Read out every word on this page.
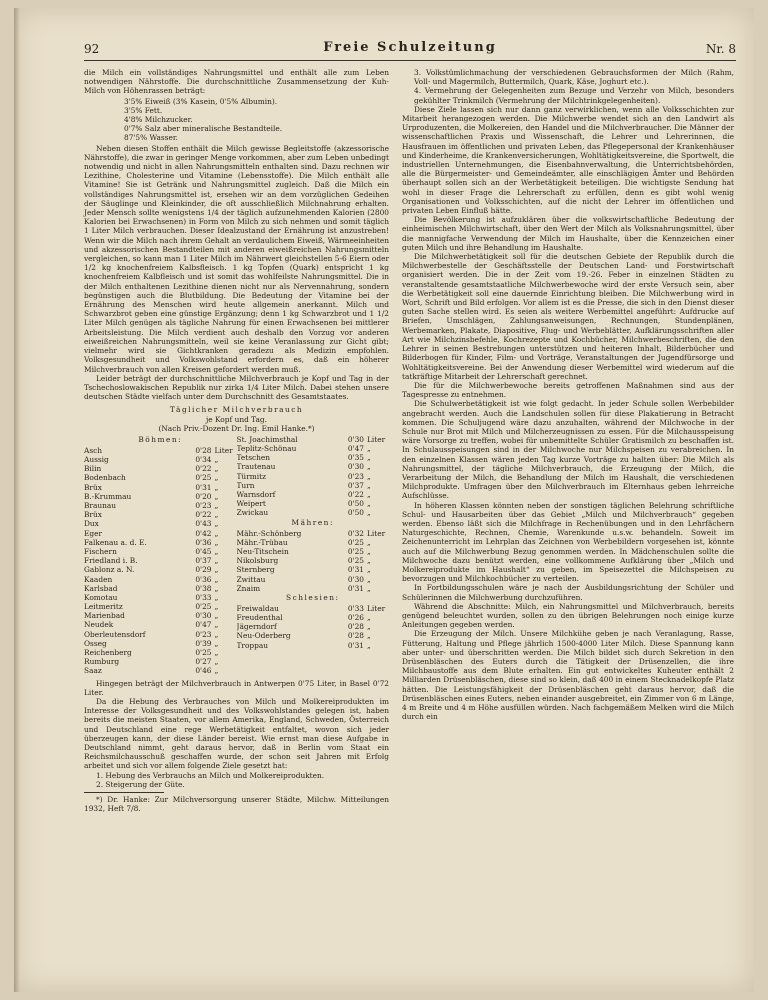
92	Freie Schulzeitung	Nr. 8

die Milch ein vollständiges Nahrungsmittel und enthält alle zum Leben notwendigen Nährstoffe. Die durchschnittliche Zusammensetzung der Kuh-Milch von Höhenrassen beträgt:

3'5% Eiweiß (3% Kasein, 0'5% Albumin).
3'5% Fett.
4'8% Milchzucker.
0'7% Salz aber mineralische Bestandteile.
87'5% Wasser.

Neben diesen Stoffen enthält die Milch gewisse Begleitstoffe (akzessorische Nährstoffe), die zwar in geringer Menge vorkommen, aber zum Leben unbedingt notwendig und nicht in allen Nahrungsmitteln enthalten sind. Dazu rechnen wir Lezithine, Cholesterine und Vitamine (Lebensstoffe). Die Milch enthält alle Vitamine! Sie ist Getränk und Nahrungsmittel zugleich. Daß die Milch ein vollständiges Nahrungsmittel ist, ersehen wir an dem vorzüglichen Gedeihen der Säuglinge und Kleinkinder, die oft ausschließlich Milchnahrung erhalten. Jeder Mensch sollte wenigstens 1/4 der täglich aufzunehmenden Kalorien (2800 Kalorien bei Erwachsenen) in Form von Milch zu sich nehmen und somit täglich 1 Liter Milch verbrauchen. Dieser Idealzustand der Ernährung ist anzustreben! Wenn wir die Milch nach ihrem Gehalt an verdaulichem Eiweiß, Wärmeeinheiten und akzessorischen Bestandteilen mit anderen eiweißreichen Nahrungsmitteln vergleichen, so kann man 1 Liter Milch im Nährwert gleichstellen 5-6 Eiern oder 1/2 kg knochenfreiem Kalbsfleisch. 1 kg Topfen (Quark) entspricht 1 kg knochenfreiem Kalbfleisch und ist somit das wohlfeilste Nahrungsmittel. Die in der Milch enthaltenen Lezithine dienen nicht nur als Nervennahrung, sondern begünstigen auch die Blutbildung. Die Bedeutung der Vitamine bei der Ernährung des Menschen wird heute allgemein anerkannt. Milch und Schwarzbrot geben eine günstige Ergänzung; denn 1 kg Schwarzbrot und 1 1/2 Liter Milch genügen als tägliche Nahrung für einen Erwachsenen bei mittlerer Arbeitsleistung. Die Milch verdient auch deshalb den Vorzug vor anderen eiweißreichen Nahrungsmitteln, weil sie keine Veranlassung zur Gicht gibt; vielmehr wird sie Gichtkranken geradezu als Medizin empfohlen. Volksgesundheit und Volkswohlstand erfordern es, daß ein höherer Milchverbrauch von allen Kreisen gefordert werden muß.

Leider beträgt der durchschnittliche Milchverbrauch je Kopf und Tag in der Tschechoslowakischen Republik nur zirka 1/4 Liter Milch. Dabei stehen unsere deutschen Städte vielfach unter dem Durchschnitt des Gesamtstaates.

Täglicher Milchverbrauch

je Kopf und Tag.

(Nach Priv.-Dozent Dr. Ing. Emil Hanke.*)

Böhmen:
Asch	0'28 Liter
Aussig	0'34 „
Bilin	0'22 „
Bodenbach	0'25 „
Brüx	0'31 „
B.-Krummau	0'20 „
Braunau	0'23 „
Brüx	0'22 „
Dux	0'43 „
Eger	0'42 „
Falkenau a. d. E.	0'36 „
Fischern	0'45 „
Friedland i. B.	0'37 „
Gablonz a. N.	0'29 „
Kaaden	0'36 „
Karlsbad	0'38 „
Komotau	0'33 „
Leitmeritz	0'25 „
Marienbad	0'30 „
Neudek	0'47 „
Oberleutensdorf	0'23 „
Osseg	0'39 „
Reichenberg	0'25 „
Rumburg	0'27 „
Saaz	0'46 „
St. Joachimsthal	0'30 Liter
Teplitz-Schönau	0'47 „
Tetschen	0'35 „
Trautenau	0'30 „
Türmitz	0'23 „
Turn	0'37 „
Warnsdorf	0'22 „
Weipert	0'50 „
Zwickau	0'50 „
Mähren:
Mähr.-Schönberg	0'32 Liter
Mähr.-Trübau	0'25 „
Neu-Titschein	0'25 „
Nikolsburg	0'25 „
Sternberg	0'31 „
Zwittau	0'30 „
Znaim	0'31 „
Schlesien:
Freiwaldau	0'33 Liter
Freudenthal	0'26 „
Jägerndorf	0'28 „
Neu-Oderberg	0'28 „
Troppau	0'31 „

Hingegen beträgt der Milchverbrauch in Antwerpen 0'75 Liter, in Basel 0'72 Liter.

Da die Hebung des Verbrauches von Milch und Molkereiprodukten im Interesse der Volksgesundheit und des Volkswohlstandes gelegen ist, haben bereits die meisten Staaten, vor allem Amerika, England, Schweden, Österreich und Deutschland eine rege Werbetätigkeit entfaltet, wovon sich jeder überzeugen kann, der diese Länder bereist. Wie ernst man diese Aufgabe in Deutschland nimmt, geht daraus hervor, daß in Berlin vom Staat ein Reichsmilchausschuß geschaffen wurde, der schon seit Jahren mit Erfolg arbeitet und sich vor allem folgende Ziele gesetzt hat:

1. Hebung des Verbrauchs an Milch und Molkereiprodukten.
2. Steigerung der Güte.

*) Dr. Hanke: Zur Milchversorgung unserer Städte, Milchw. Mitteilungen 1932, Heft 7/8.

3. Volkstümlichmachung der verschiedenen Gebrauchsformen der Milch (Rahm, Voll- und Magermilch, Buttermilch, Quark, Käse, Joghurt etc.).
4. Vermehrung der Gelegenheiten zum Bezuge und Verzehr von Milch, besonders gekühlter Trinkmilch (Vermehrung der Milchtrinkgelegenheiten).

Diese Ziele lassen sich nur dann ganz verwirklichen, wenn alle Volksschichten zur Mitarbeit herangezogen werden. Die Milchwerbe wendet sich an den Landwirt als Urproduzenten, die Molkereien, den Handel und die Milchverbraucher. Die Männer der wissenschaftlichen Praxis und Wissenschaft, die Lehrer und Lehrerinnen, die Hausfrauen im öffentlichen und privaten Leben, das Pflegepersonal der Krankenhäuser und Kinderheime, die Krankenversicherungen, Wohltätigkeitsvereine, die Sportwelt, die industriellen Unternehmungen, die Eisenbahnverwaltung, die Unterrichtsbehörden, alle die Bürgermeister- und Gemeindeämter, alle einschlägigen Ämter und Behörden überhaupt sollen sich an der Werbetätigkeit beteiligen. Die wichtigste Sendung hat wohl in dieser Frage die Lehrerschaft zu erfüllen, denn es gibt wohl wenig Organisationen und Volksschichten, auf die nicht der Lehrer im öffentlichen und privaten Leben Einfluß hätte.

Die Bevölkerung ist aufzuklären über die volkswirtschaftliche Bedeutung der einheimischen Milchwirtschaft, über den Wert der Milch als Volksnahrungsmittel, über die mannigfache Verwendung der Milch im Haushalte, über die Kennzeichen einer guten Milch und ihre Behandlung im Haushalte.

Die Milchwerbetätigkeit soll für die deutschen Gebiete der Republik durch die Milchwerbestelle der Geschäftsstelle der Deutschen Land- und Forstwirtschaft organisiert werden. Die in der Zeit vom 19.-26. Feber in einzelnen Städten zu veranstaltende gesamtstaatliche Milchwerbewoche wird der erste Versuch sein, aber die Werbetätigkeit soll eine dauernde Einrichtung bleiben. Die Milchwerbung wird in Wort, Schrift und Bild erfolgen. Vor allem ist es die Presse, die sich in den Dienst dieser guten Sache stellen wird. Es seien als weitere Werbemittel angeführt: Aufdrucke auf Briefen, Umschlägen, Zahlungsanweisungen, Rechnungen, Stundenplänen, Werbemarken, Plakate, Diapositive, Flug- und Werbeblätter, Aufklärungsschriften aller Art wie Milchzinsbefehle, Kochrezepte und Kochbücher, Milchwerbeschriften, die den Lehrer in seinen Bestrebungen unterstützen und heiteren Inhalt, Bilderbücher und Bilderbogen für Kinder, Film- und Vorträge, Veranstaltungen der Jugendfürsorge und Wohltätigkeitsvereine. Bei der Anwendung dieser Werbemittel wird wiederum auf die tatkräftige Mitarbeit der Lehrerschaft gerechnet.

Die für die Milchwerbewoche bereits getroffenen Maßnahmen sind aus der Tagespresse zu entnehmen.

Die Schulwerbetätigkeit ist wie folgt gedacht. In jeder Schule sollen Werbebilder angebracht werden. Auch die Landschulen sollen für diese Plakatierung in Betracht kommen. Die Schuljugend wäre dazu anzuhalten, während der Milchwoche in der Schule nur Brot mit Milch und Milcherzeugnissen zu essen. Für die Milchausspeisung wäre Vorsorge zu treffen, wobei für unbemittelte Schüler Gratismilch zu beschaffen ist. In Schulausspeisungen sind in der Milchwoche nur Milchspeisen zu verabreichen. In den einzelnen Klassen wären jeden Tag kurze Vorträge zu halten über: Die Milch als Nahrungsmittel, der tägliche Milchverbrauch, die Erzeugung der Milch, die Verarbeitung der Milch, die Behandlung der Milch im Haushalt, die verschiedenen Milchprodukte. Umfragen über den Milchverbrauch im Elternhaus geben lehrreiche Aufschlüsse.

In höheren Klassen könnten neben der sonstigen täglichen Belehrung schriftliche Schul- und Hausarbeiten über das Gebiet „Milch und Milchverbrauch“ gegeben werden. Ebenso läßt sich die Milchfrage in Rechenübungen und in den Lehrfächern Naturgeschichte, Rechnen, Chemie, Warenkunde u.s.w. behandeln. Soweit im Zeichenunterricht im Lehrplan das Zeichnen von Werbebildern vorgesehen ist, könnte auch auf die Milchwerbung Bezug genommen werden. In Mädchenschulen sollte die Milchwoche dazu benützt werden, eine vollkommene Aufklärung über „Milch und Molkereiprodukte im Haushalt“ zu geben, im Speisezettel die Milchspeisen zu bevorzugen und Milchkochbücher zu verteilen.

In Fortbildungsschulen wäre je nach der Ausbildungsrichtung der Schüler und Schülerinnen die Milchwerbung durchzuführen.

Während die Abschnitte: Milch, ein Nahrungsmittel und Milchverbrauch, bereits genügend beleuchtet wurden, sollen zu den übrigen Belehrungen noch einige kurze Anleitungen gegeben werden.

Die Erzeugung der Milch. Unsere Milchkühe geben je nach Veranlagung, Rasse, Fütterung, Haltung und Pflege jährlich 1500-4000 Liter Milch. Diese Spannung kann aber unter- und überschritten werden. Die Milch bildet sich durch Sekretion in den Drüsenbläschen des Euters durch die Tätigkeit der Drüsenzellen, die ihre Milchbaustoffe aus dem Blute erhalten. Ein gut entwickeltes Kuheuter enthält 2 Milliarden Drüsenbläschen, diese sind so klein, daß 400 in einem Stecknadelkopfe Platz hätten. Die Leistungsfähigkeit der Drüsenbläschen geht daraus hervor, daß die Drüsenbläschen eines Euters, neben einander ausgebreitet, ein Zimmer von 6 m Länge, 4 m Breite und 4 m Höhe ausfüllen würden. Nach fachgemäßem Melken wird die Milch durch ein
